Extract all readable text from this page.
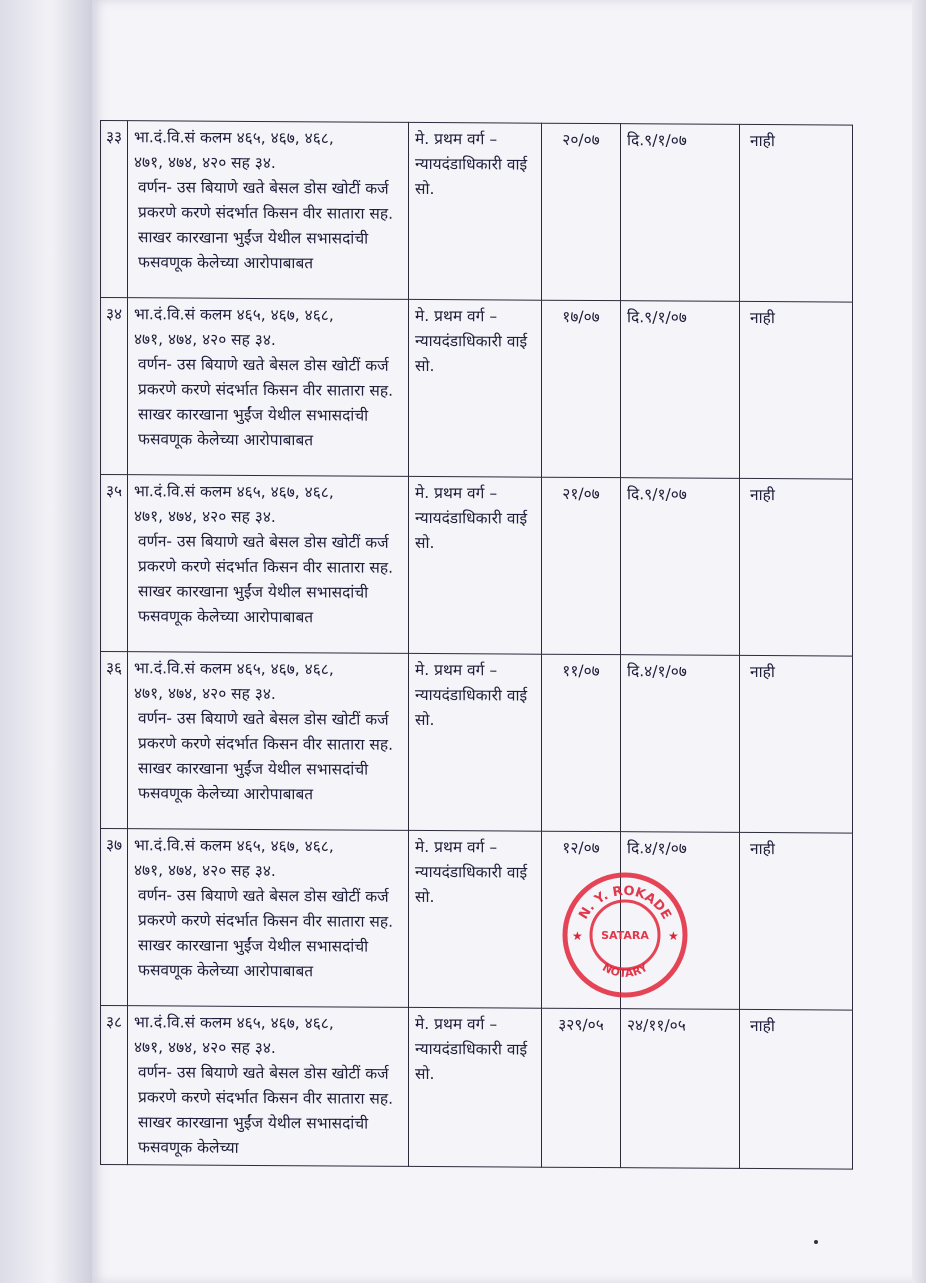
३३	भा.दं.वि.सं कलम ४६५, ४६७, ४६८,
४७१, ४७४, ४२० सह ३४.
वर्णन- उस बियाणे खते बेसल डोस खोटीं कर्ज प्रकरणे करणे संदर्भात किसन वीर सातारा सह. साखर कारखाना भुईंज येथील सभासदांची फसवणूक केलेच्या आरोपाबाबत	मे. प्रथम वर्ग – न्यायदंडाधिकारी वाई सो.	२०/०७	दि.९/१/०७	नाही
३४	भा.दं.वि.सं कलम ४६५, ४६७, ४६८,
४७१, ४७४, ४२० सह ३४.
वर्णन- उस बियाणे खते बेसल डोस खोटीं कर्ज प्रकरणे करणे संदर्भात किसन वीर सातारा सह. साखर कारखाना भुईंज येथील सभासदांची फसवणूक केलेच्या आरोपाबाबत	मे. प्रथम वर्ग – न्यायदंडाधिकारी वाई सो.	१७/०७	दि.९/१/०७	नाही
३५	भा.दं.वि.सं कलम ४६५, ४६७, ४६८,
४७१, ४७४, ४२० सह ३४.
वर्णन- उस बियाणे खते बेसल डोस खोटीं कर्ज प्रकरणे करणे संदर्भात किसन वीर सातारा सह. साखर कारखाना भुईंज येथील सभासदांची फसवणूक केलेच्या आरोपाबाबत	मे. प्रथम वर्ग – न्यायदंडाधिकारी वाई सो.	२१/०७	दि.९/१/०७	नाही
३६	भा.दं.वि.सं कलम ४६५, ४६७, ४६८,
४७१, ४७४, ४२० सह ३४.
वर्णन- उस बियाणे खते बेसल डोस खोटीं कर्ज प्रकरणे करणे संदर्भात किसन वीर सातारा सह. साखर कारखाना भुईंज येथील सभासदांची फसवणूक केलेच्या आरोपाबाबत	मे. प्रथम वर्ग – न्यायदंडाधिकारी वाई सो.	११/०७	दि.४/१/०७	नाही
३७	भा.दं.वि.सं कलम ४६५, ४६७, ४६८,
४७१, ४७४, ४२० सह ३४.
वर्णन- उस बियाणे खते बेसल डोस खोटीं कर्ज प्रकरणे करणे संदर्भात किसन वीर सातारा सह. साखर कारखाना भुईंज येथील सभासदांची फसवणूक केलेच्या आरोपाबाबत	मे. प्रथम वर्ग – न्यायदंडाधिकारी वाई सो.	१२/०७	दि.४/१/०७	नाही
३८	भा.दं.वि.सं कलम ४६५, ४६७, ४६८,
४७१, ४७४, ४२० सह ३४.
वर्णन- उस बियाणे खते बेसल डोस खोटीं कर्ज प्रकरणे करणे संदर्भात किसन वीर सातारा सह. साखर कारखाना भुईंज येथील सभासदांची फसवणूक केलेच्या	मे. प्रथम वर्ग – न्यायदंडाधिकारी वाई सो.	३२९/०५	२४/११/०५	नाही
N. Y. ROKADE
SATARA
NOTARY
★	★
